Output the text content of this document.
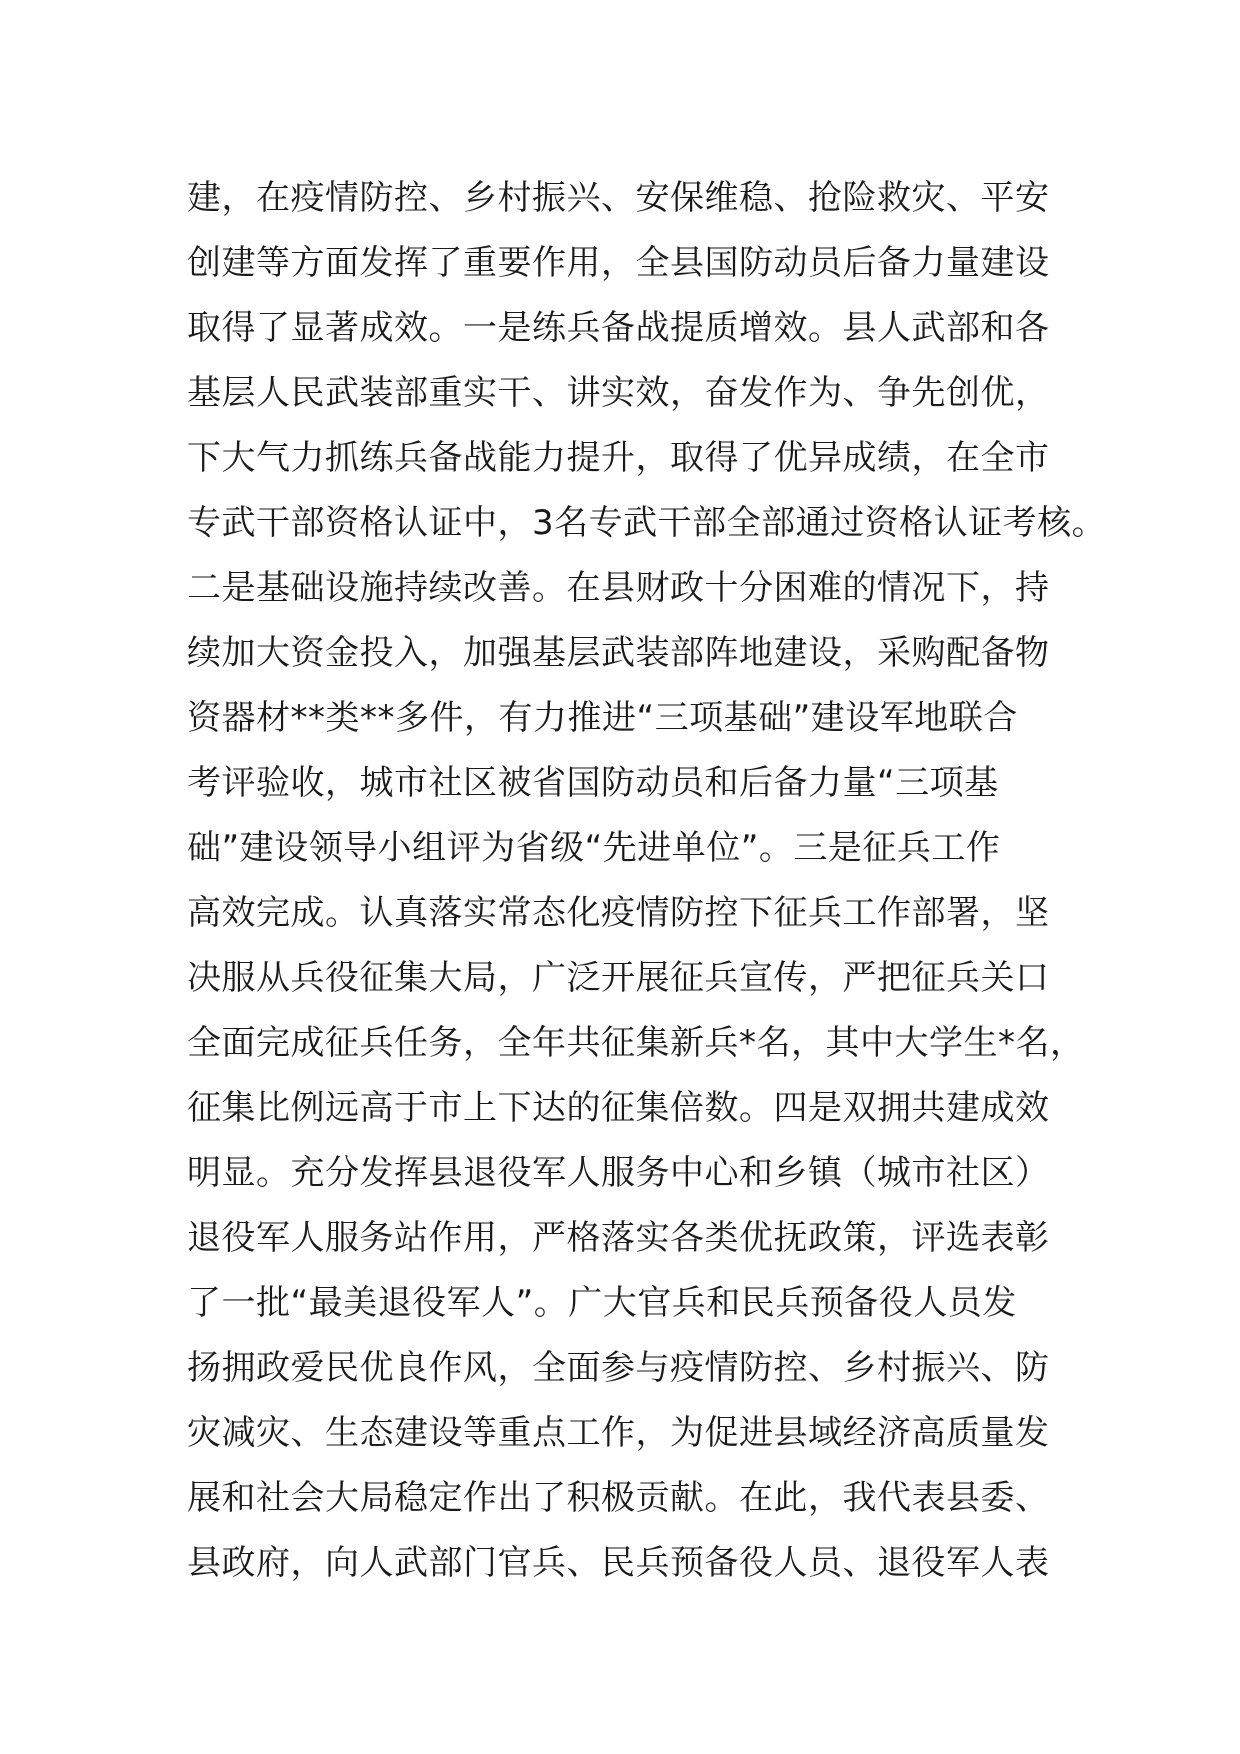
建，在疫情防控、乡村振兴、安保维稳、抢险救灾、平安
创建等方面发挥了重要作用，全县国防动员后备力量建设
取得了显著成效。一是练兵备战提质增效。县人武部和各
基层人民武装部重实干、讲实效，奋发作为、争先创优，
下大气力抓练兵备战能力提升，取得了优异成绩，在全市
专武干部资格认证中，3名专武干部全部通过资格认证考核。
二是基础设施持续改善。在县财政十分困难的情况下，持
续加大资金投入，加强基层武装部阵地建设，采购配备物
资器材**类**多件，有力推进“三项基础”建设军地联合
考评验收，城市社区被省国防动员和后备力量“三项基
础”建设领导小组评为省级“先进单位”。三是征兵工作
高效完成。认真落实常态化疫情防控下征兵工作部署，坚
决服从兵役征集大局，广泛开展征兵宣传，严把征兵关口
全面完成征兵任务，全年共征集新兵*名，其中大学生*名，
征集比例远高于市上下达的征集倍数。四是双拥共建成效
明显。充分发挥县退役军人服务中心和乡镇（城市社区）
退役军人服务站作用，严格落实各类优抚政策，评选表彰
了一批“最美退役军人”。广大官兵和民兵预备役人员发
扬拥政爱民优良作风，全面参与疫情防控、乡村振兴、防
灾减灾、生态建设等重点工作，为促进县域经济高质量发
展和社会大局稳定作出了积极贡献。在此，我代表县委、
县政府，向人武部门官兵、民兵预备役人员、退役军人表
